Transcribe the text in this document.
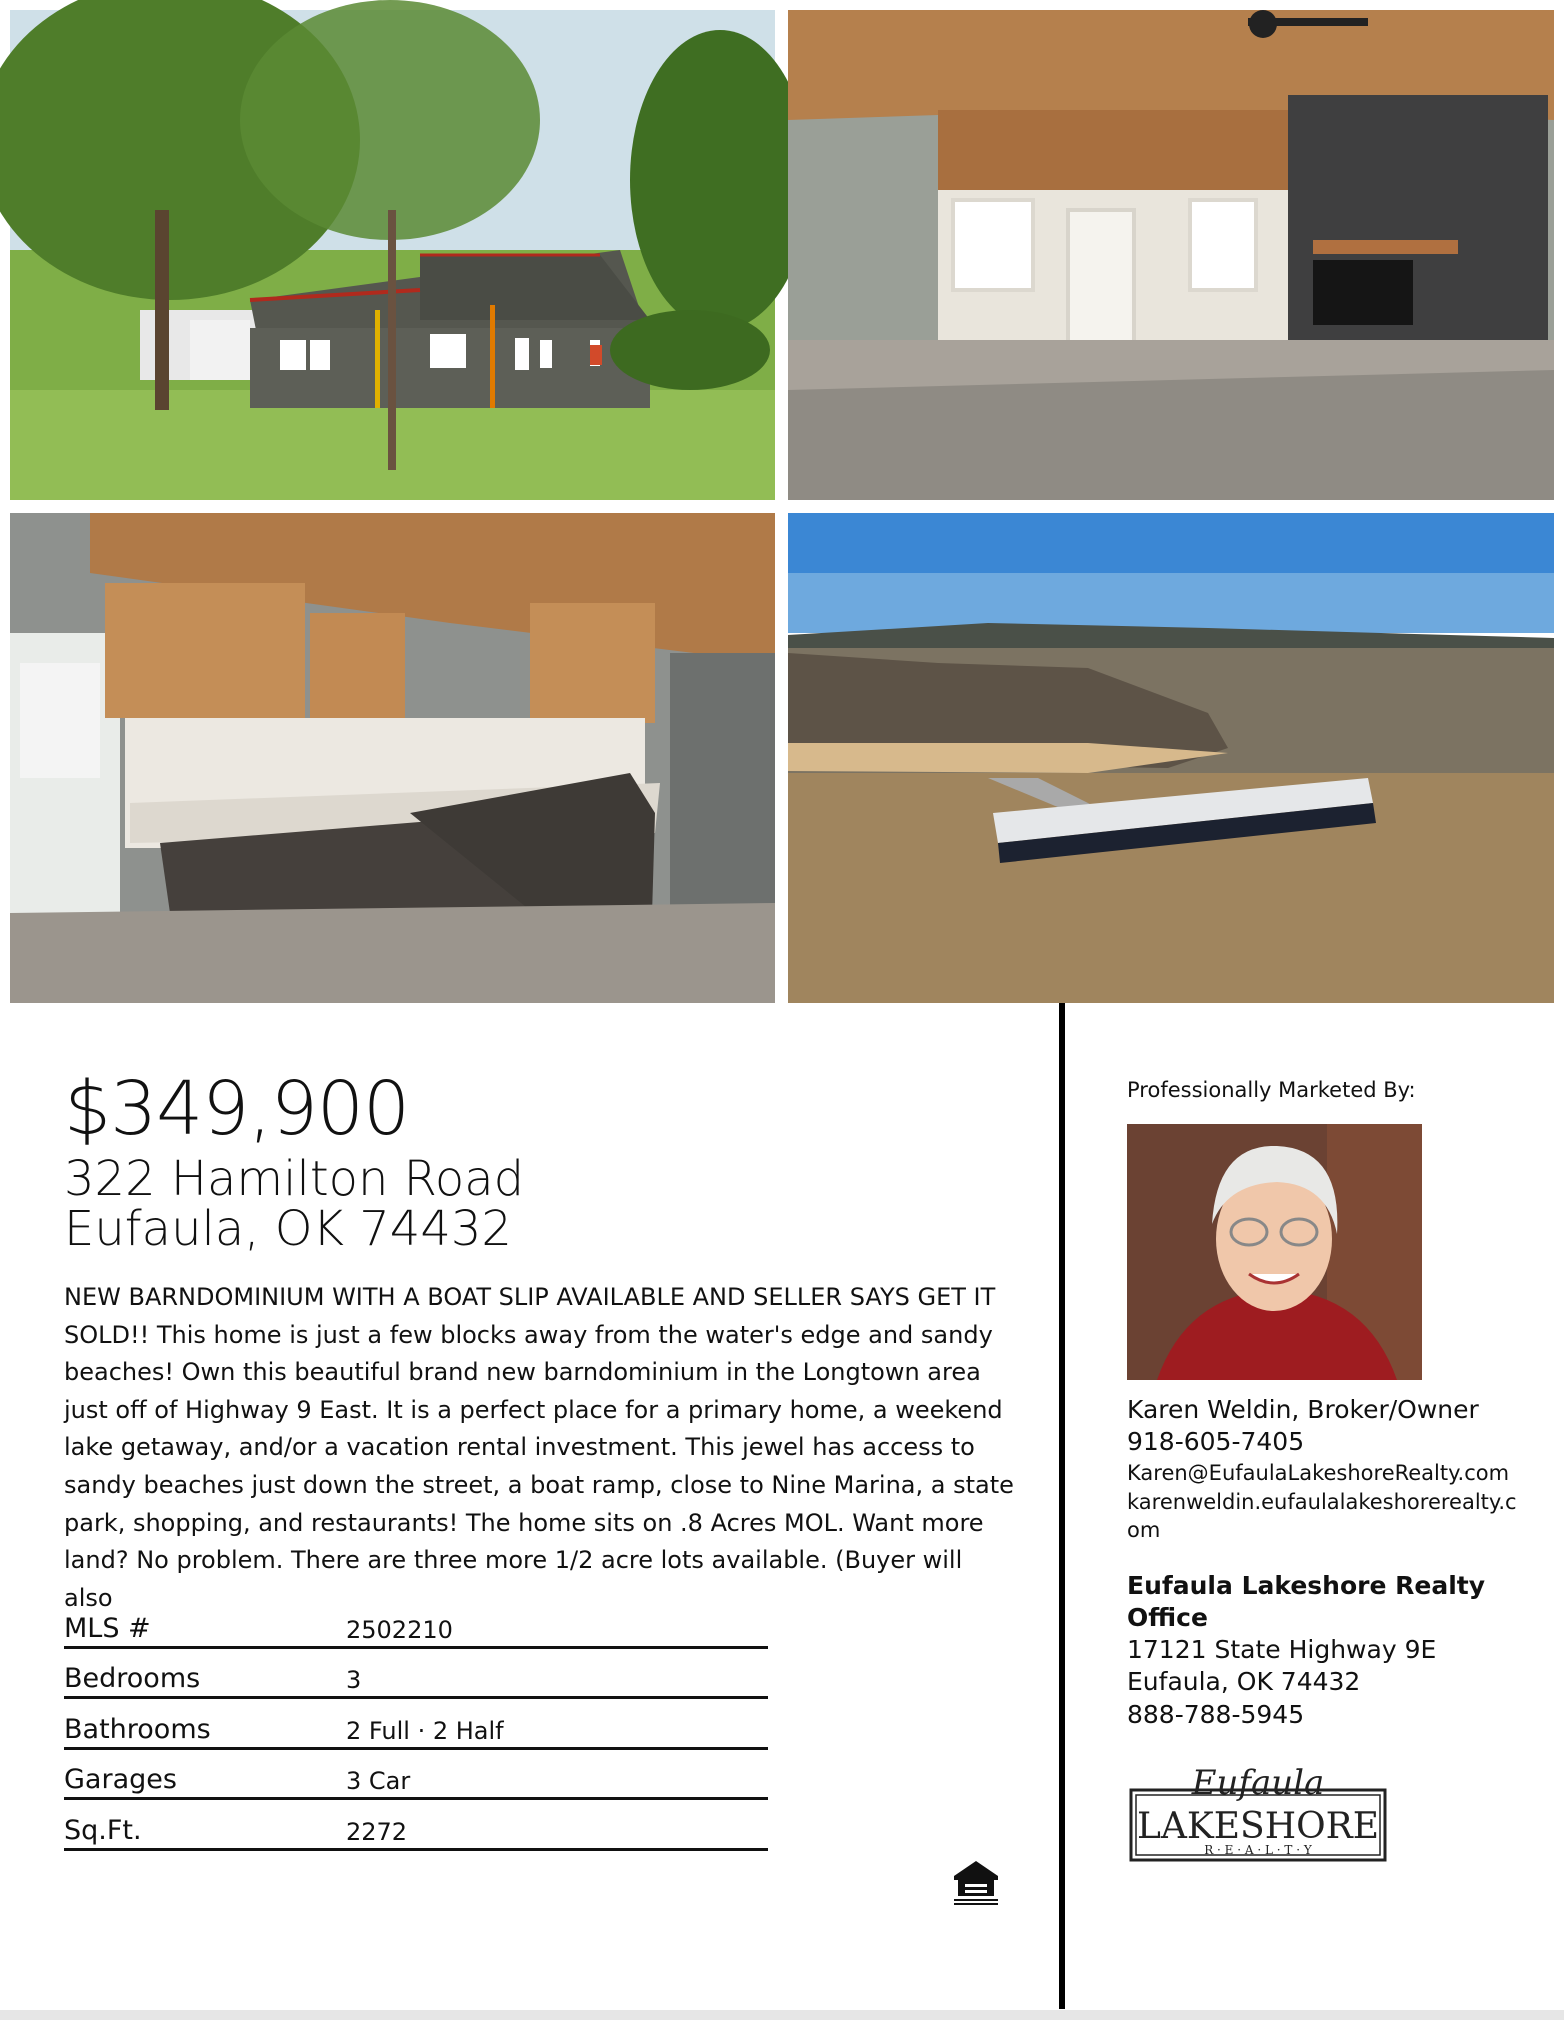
$349,900
322 Hamilton Road
Eufaula, OK 74432
NEW BARNDOMINIUM WITH A BOAT SLIP AVAILABLE AND SELLER SAYS GET IT SOLD!! This home is just a few blocks away from the water's edge and sandy beaches! Own this beautiful brand new barndominium in the Longtown area just off of Highway 9 East. It is a perfect place for a primary home, a weekend lake getaway, and/or a vacation rental investment. This jewel has access to sandy beaches just down the street, a boat ramp, close to Nine Marina, a state park, shopping, and restaurants! The home sits on .8 Acres MOL. Want more land? No problem. There are three more 1/2 acre lots available. (Buyer will also
MLS #	2502210
Bedrooms	3
Bathrooms	2 Full · 2 Half
Garages	3 Car
Sq.Ft.	2272
Professionally Marketed By:
Karen Weldin, Broker/Owner
918-605-7405
Karen@EufaulaLakeshoreRealty.com
karenweldin.eufaulalakeshorerealty.com
Eufaula Lakeshore Realty Office
17121 State Highway 9E
Eufaula, OK 74432
888-788-5945
Eufaula
LAKESHORE
R · E · A · L · T · Y
